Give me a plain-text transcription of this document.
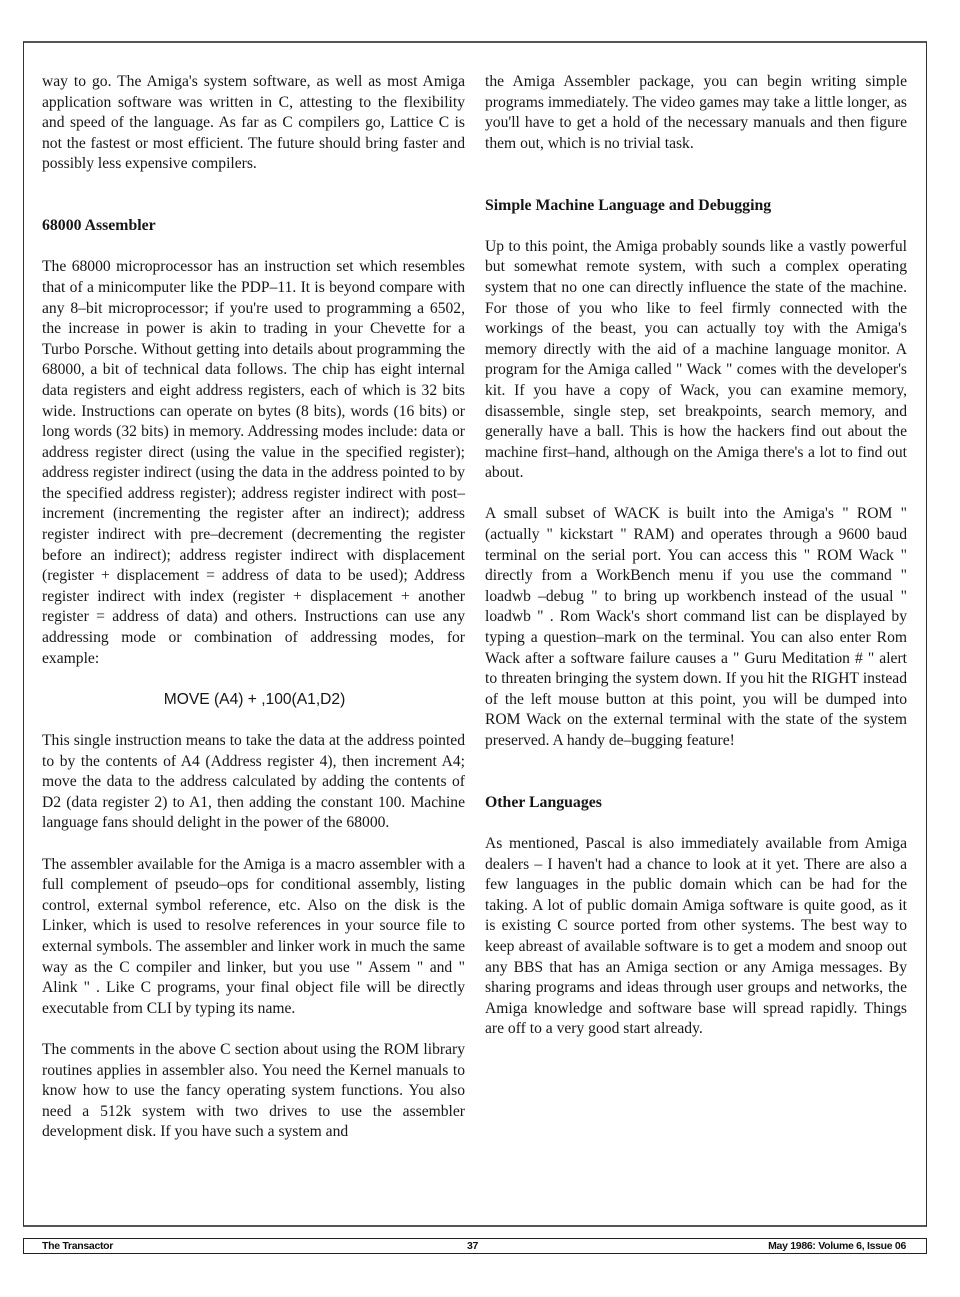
way to go. The Amiga's system software, as well as most Amiga application software was written in C, attesting to the flexibility and speed of the language. As far as C compilers go, Lattice C is not the fastest or most efficient. The future should bring faster and possibly less expensive compilers.

68000 Assembler

The 68000 microprocessor has an instruction set which resembles that of a minicomputer like the PDP–11. It is beyond compare with any 8–bit microprocessor; if you're used to programming a 6502, the increase in power is akin to trading in your Chevette for a Turbo Porsche. Without getting into details about programming the 68000, a bit of technical data follows. The chip has eight internal data registers and eight address registers, each of which is 32 bits wide. Instructions can operate on bytes (8 bits), words (16 bits) or long words (32 bits) in memory. Addressing modes include: data or address register direct (using the value in the specified register); address register indirect (using the data in the address pointed to by the specified address register); address register indirect with post–increment (incrementing the register after an indirect); address register indirect with pre–decrement (decrementing the register before an indirect); address register indirect with displacement (register + displacement = address of data to be used); Address register indirect with index (register + displacement + another register = address of data) and others. Instructions can use any addressing mode or combination of addressing modes, for example:

MOVE (A4) + ,100(A1,D2)

This single instruction means to take the data at the address pointed to by the contents of A4 (Address register 4), then increment A4; move the data to the address calculated by adding the contents of D2 (data register 2) to A1, then adding the constant 100. Machine language fans should delight in the power of the 68000.

The assembler available for the Amiga is a macro assembler with a full complement of pseudo–ops for conditional assembly, listing control, external symbol reference, etc. Also on the disk is the Linker, which is used to resolve references in your source file to external symbols. The assembler and linker work in much the same way as the C compiler and linker, but you use " Assem " and " Alink " . Like C programs, your final object file will be directly executable from CLI by typing its name.

The comments in the above C section about using the ROM library routines applies in assembler also. You need the Kernel manuals to know how to use the fancy operating system functions. You also need a 512k system with two drives to use the assembler development disk. If you have such a system and

the Amiga Assembler package, you can begin writing simple programs immediately. The video games may take a little longer, as you'll have to get a hold of the necessary manuals and then figure them out, which is no trivial task.

Simple Machine Language and Debugging

Up to this point, the Amiga probably sounds like a vastly powerful but somewhat remote system, with such a complex operating system that no one can directly influence the state of the machine. For those of you who like to feel firmly connected with the workings of the beast, you can actually toy with the Amiga's memory directly with the aid of a machine language monitor. A program for the Amiga called " Wack " comes with the developer's kit. If you have a copy of Wack, you can examine memory, disassemble, single step, set breakpoints, search memory, and generally have a ball. This is how the hackers find out about the machine first–hand, although on the Amiga there's a lot to find out about.

A small subset of WACK is built into the Amiga's " ROM " (actually " kickstart " RAM) and operates through a 9600 baud terminal on the serial port. You can access this " ROM Wack " directly from a WorkBench menu if you use the command " loadwb –debug " to bring up workbench instead of the usual " loadwb " . Rom Wack's short command list can be displayed by typing a question–mark on the terminal. You can also enter Rom Wack after a software failure causes a " Guru Meditation # " alert to threaten bringing the system down. If you hit the RIGHT instead of the left mouse button at this point, you will be dumped into ROM Wack on the external terminal with the state of the system preserved. A handy de–bugging feature!

Other Languages

As mentioned, Pascal is also immediately available from Amiga dealers – I haven't had a chance to look at it yet. There are also a few languages in the public domain which can be had for the taking. A lot of public domain Amiga software is quite good, as it is existing C source ported from other systems. The best way to keep abreast of available software is to get a modem and snoop out any BBS that has an Amiga section or any Amiga messages. By sharing programs and ideas through user groups and networks, the Amiga knowledge and software base will spread rapidly. Things are off to a very good start already.

The Transactor	37	May 1986: Volume 6, Issue 06
